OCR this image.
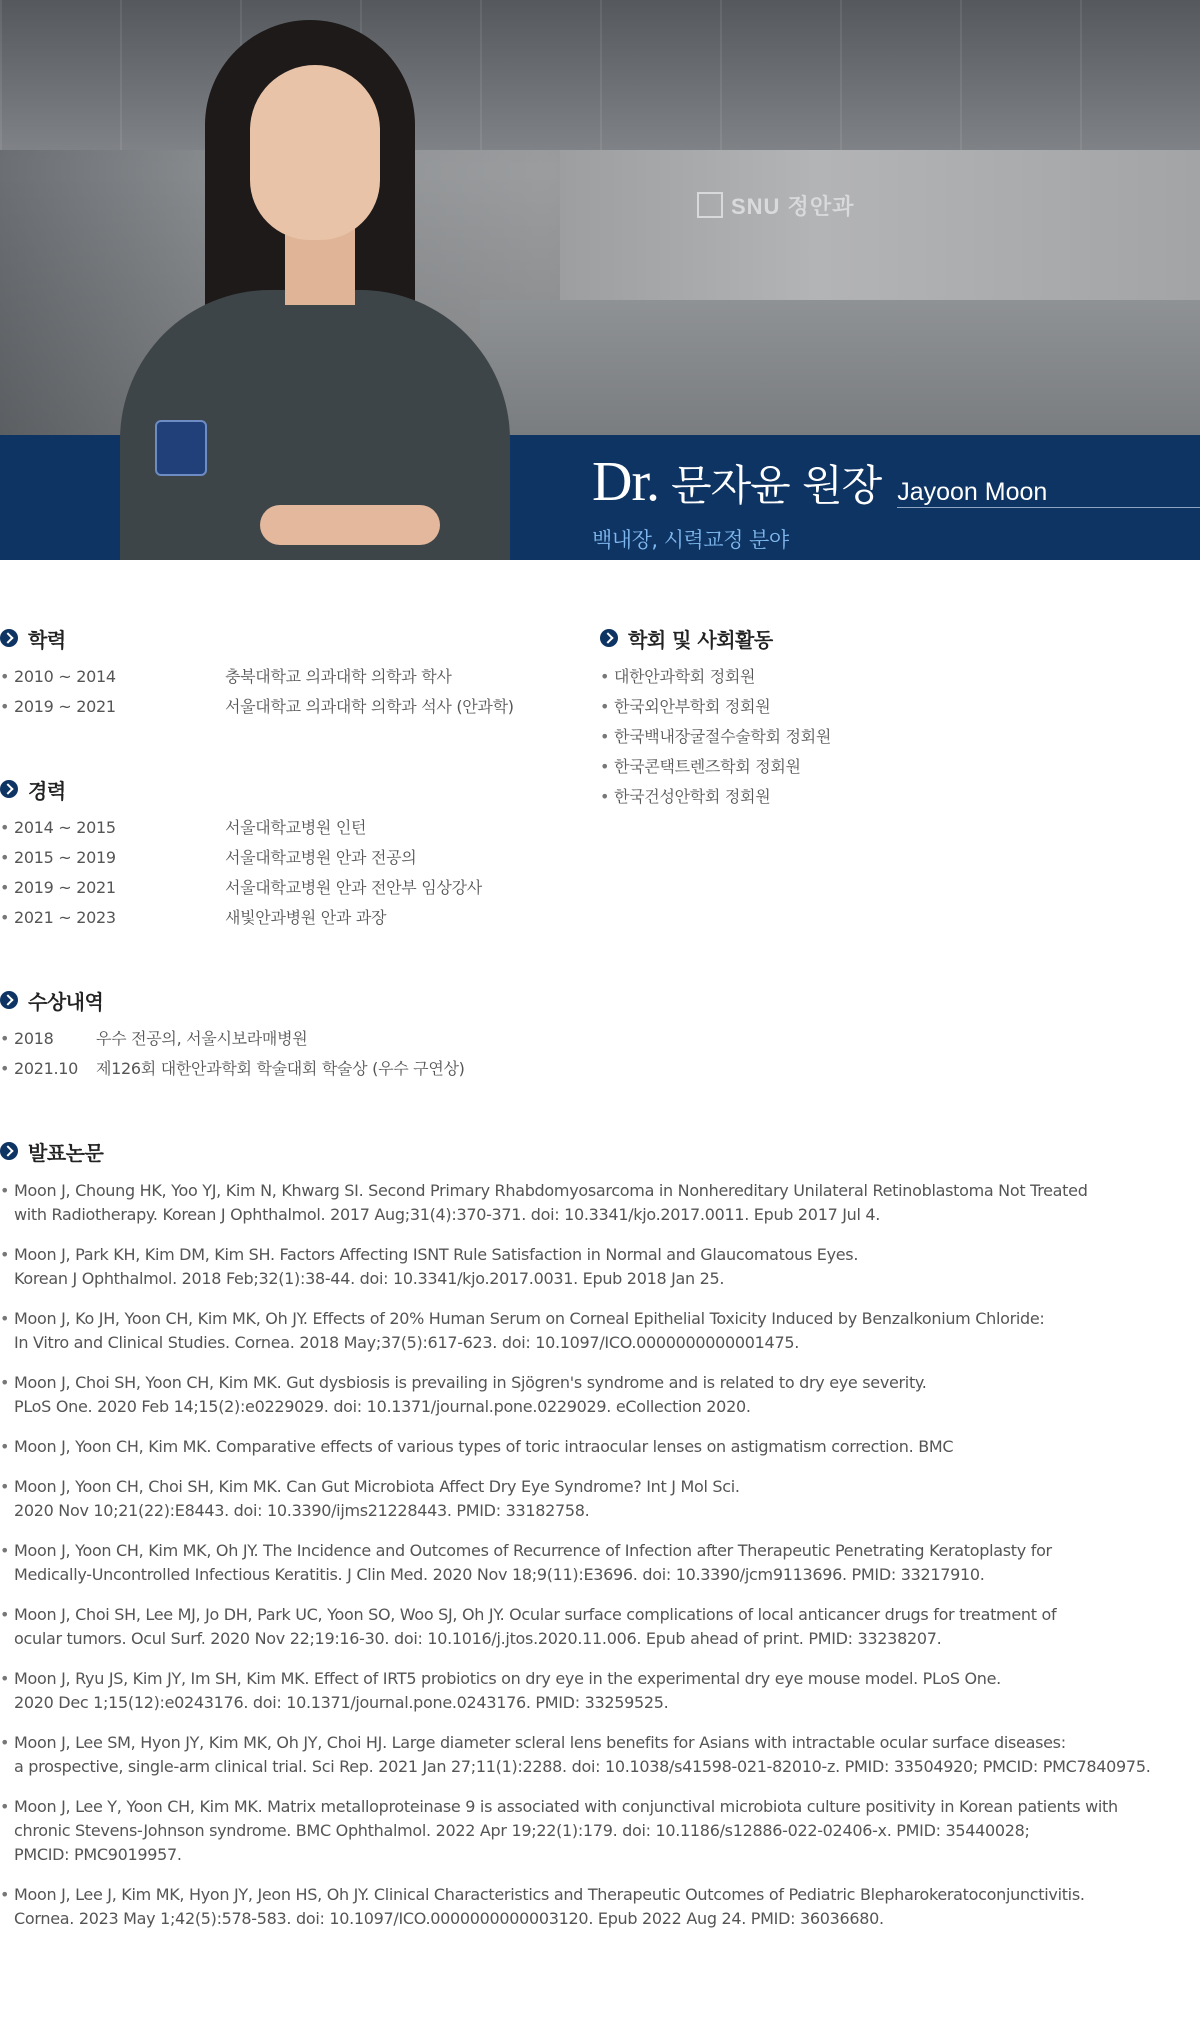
SNU 정안과
Dr. 문자윤 원장 Jayoon Moon
백내장, 시력교정 분야
학력
• 2010 ~ 2014	충북대학교 의과대학 의학과 학사
• 2019 ~ 2021	서울대학교 의과대학 의학과 석사 (안과학)
학회 및 사회활동
• 대한안과학회 정회원
• 한국외안부학회 정회원
• 한국백내장굴절수술학회 정회원
• 한국콘택트렌즈학회 정회원
• 한국건성안학회 정회원
경력
• 2014 ~ 2015	서울대학교병원 인턴
• 2015 ~ 2019	서울대학교병원 안과 전공의
• 2019 ~ 2021	서울대학교병원 안과 전안부 임상강사
• 2021 ~ 2023	새빛안과병원 안과 과장
수상내역
• 2018	우수 전공의, 서울시보라매병원
• 2021.10	제126회 대한안과학회 학술대회 학술상 (우수 구연상)
발표논문
• Moon J, Choung HK, Yoo YJ, Kim N, Khwarg SI. Second Primary Rhabdomyosarcoma in Nonhereditary Unilateral Retinoblastoma Not Treated
with Radiotherapy. Korean J Ophthalmol. 2017 Aug;31(4):370-371. doi: 10.3341/kjo.2017.0011. Epub 2017 Jul 4.
• Moon J, Park KH, Kim DM, Kim SH. Factors Affecting ISNT Rule Satisfaction in Normal and Glaucomatous Eyes.
Korean J Ophthalmol. 2018 Feb;32(1):38-44. doi: 10.3341/kjo.2017.0031. Epub 2018 Jan 25.
• Moon J, Ko JH, Yoon CH, Kim MK, Oh JY. Effects of 20% Human Serum on Corneal Epithelial Toxicity Induced by Benzalkonium Chloride:
In Vitro and Clinical Studies. Cornea. 2018 May;37(5):617-623. doi: 10.1097/ICO.0000000000001475.
• Moon J, Choi SH, Yoon CH, Kim MK. Gut dysbiosis is prevailing in Sjögren's syndrome and is related to dry eye severity.
PLoS One. 2020 Feb 14;15(2):e0229029. doi: 10.1371/journal.pone.0229029. eCollection 2020.
• Moon J, Yoon CH, Kim MK. Comparative effects of various types of toric intraocular lenses on astigmatism correction. BMC
• Moon J, Yoon CH, Choi SH, Kim MK. Can Gut Microbiota Affect Dry Eye Syndrome? Int J Mol Sci.
2020 Nov 10;21(22):E8443. doi: 10.3390/ijms21228443. PMID: 33182758.
• Moon J, Yoon CH, Kim MK, Oh JY. The Incidence and Outcomes of Recurrence of Infection after Therapeutic Penetrating Keratoplasty for
Medically-Uncontrolled Infectious Keratitis. J Clin Med. 2020 Nov 18;9(11):E3696. doi: 10.3390/jcm9113696. PMID: 33217910.
• Moon J, Choi SH, Lee MJ, Jo DH, Park UC, Yoon SO, Woo SJ, Oh JY. Ocular surface complications of local anticancer drugs for treatment of
ocular tumors. Ocul Surf. 2020 Nov 22;19:16-30. doi: 10.1016/j.jtos.2020.11.006. Epub ahead of print. PMID: 33238207.
• Moon J, Ryu JS, Kim JY, Im SH, Kim MK. Effect of IRT5 probiotics on dry eye in the experimental dry eye mouse model. PLoS One.
2020 Dec 1;15(12):e0243176. doi: 10.1371/journal.pone.0243176. PMID: 33259525.
• Moon J, Lee SM, Hyon JY, Kim MK, Oh JY, Choi HJ. Large diameter scleral lens benefits for Asians with intractable ocular surface diseases:
a prospective, single-arm clinical trial. Sci Rep. 2021 Jan 27;11(1):2288. doi: 10.1038/s41598-021-82010-z. PMID: 33504920; PMCID: PMC7840975.
• Moon J, Lee Y, Yoon CH, Kim MK. Matrix metalloproteinase 9 is associated with conjunctival microbiota culture positivity in Korean patients with
chronic Stevens-Johnson syndrome. BMC Ophthalmol. 2022 Apr 19;22(1):179. doi: 10.1186/s12886-022-02406-x. PMID: 35440028;
PMCID: PMC9019957.
• Moon J, Lee J, Kim MK, Hyon JY, Jeon HS, Oh JY. Clinical Characteristics and Therapeutic Outcomes of Pediatric Blepharokeratoconjunctivitis.
Cornea. 2023 May 1;42(5):578-583. doi: 10.1097/ICO.0000000000003120. Epub 2022 Aug 24. PMID: 36036680.
